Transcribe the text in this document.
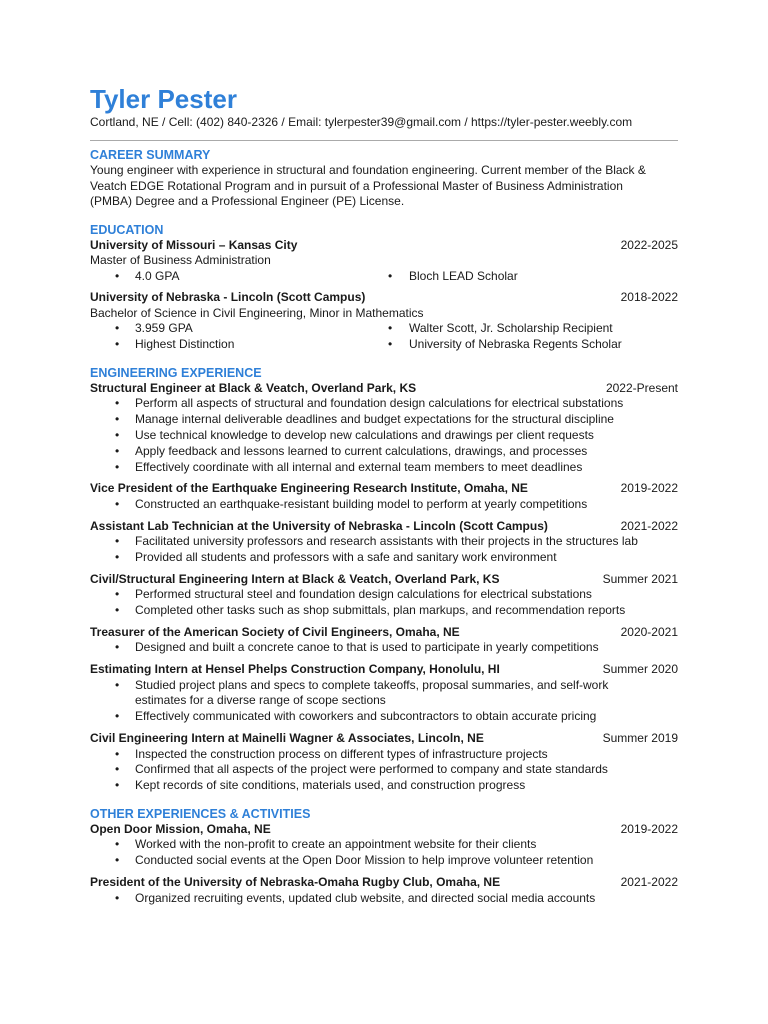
Tyler Pester
Cortland, NE / Cell: (402) 840-2326 / Email: tylerpester39@gmail.com / https://tyler-pester.weebly.com
CAREER SUMMARY
Young engineer with experience in structural and foundation engineering. Current member of the Black &
Veatch EDGE Rotational Program and in pursuit of a Professional Master of Business Administration
(PMBA) Degree and a Professional Engineer (PE) License.
EDUCATION
University of Missouri – Kansas City	2022-2025
Master of Business Administration
• 4.0 GPA
•	Bloch LEAD Scholar
University of Nebraska - Lincoln (Scott Campus)	2018-2022
Bachelor of Science in Civil Engineering, Minor in Mathematics
• 3.959 GPA
• Highest Distinction
• Walter Scott, Jr. Scholarship Recipient
• University of Nebraska Regents Scholar
ENGINEERING EXPERIENCE
Structural Engineer at Black & Veatch, Overland Park, KS	2022-Present
• Perform all aspects of structural and foundation design calculations for electrical substations
• Manage internal deliverable deadlines and budget expectations for the structural discipline
• Use technical knowledge to develop new calculations and drawings per client requests
• Apply feedback and lessons learned to current calculations, drawings, and processes
• Effectively coordinate with all internal and external team members to meet deadlines
Vice President of the Earthquake Engineering Research Institute, Omaha, NE	2019-2022
• Constructed an earthquake-resistant building model to perform at yearly competitions
Assistant Lab Technician at the University of Nebraska - Lincoln (Scott Campus)	2021-2022
• Facilitated university professors and research assistants with their projects in the structures lab
• Provided all students and professors with a safe and sanitary work environment
Civil/Structural Engineering Intern at Black & Veatch, Overland Park, KS	Summer 2021
• Performed structural steel and foundation design calculations for electrical substations
• Completed other tasks such as shop submittals, plan markups, and recommendation reports
Treasurer of the American Society of Civil Engineers, Omaha, NE	2020-2021
• Designed and built a concrete canoe to that is used to participate in yearly competitions
Estimating Intern at Hensel Phelps Construction Company, Honolulu, HI	Summer 2020
• Studied project plans and specs to complete takeoffs, proposal summaries, and self-work
estimates for a diverse range of scope sections
• Effectively communicated with coworkers and subcontractors to obtain accurate pricing
Civil Engineering Intern at Mainelli Wagner & Associates, Lincoln, NE	Summer 2019
• Inspected the construction process on different types of infrastructure projects
• Confirmed that all aspects of the project were performed to company and state standards
• Kept records of site conditions, materials used, and construction progress
OTHER EXPERIENCES & ACTIVITIES
Open Door Mission, Omaha, NE	2019-2022
• Worked with the non-profit to create an appointment website for their clients
• Conducted social events at the Open Door Mission to help improve volunteer retention
President of the University of Nebraska-Omaha Rugby Club, Omaha, NE	2021-2022
• Organized recruiting events, updated club website, and directed social media accounts
